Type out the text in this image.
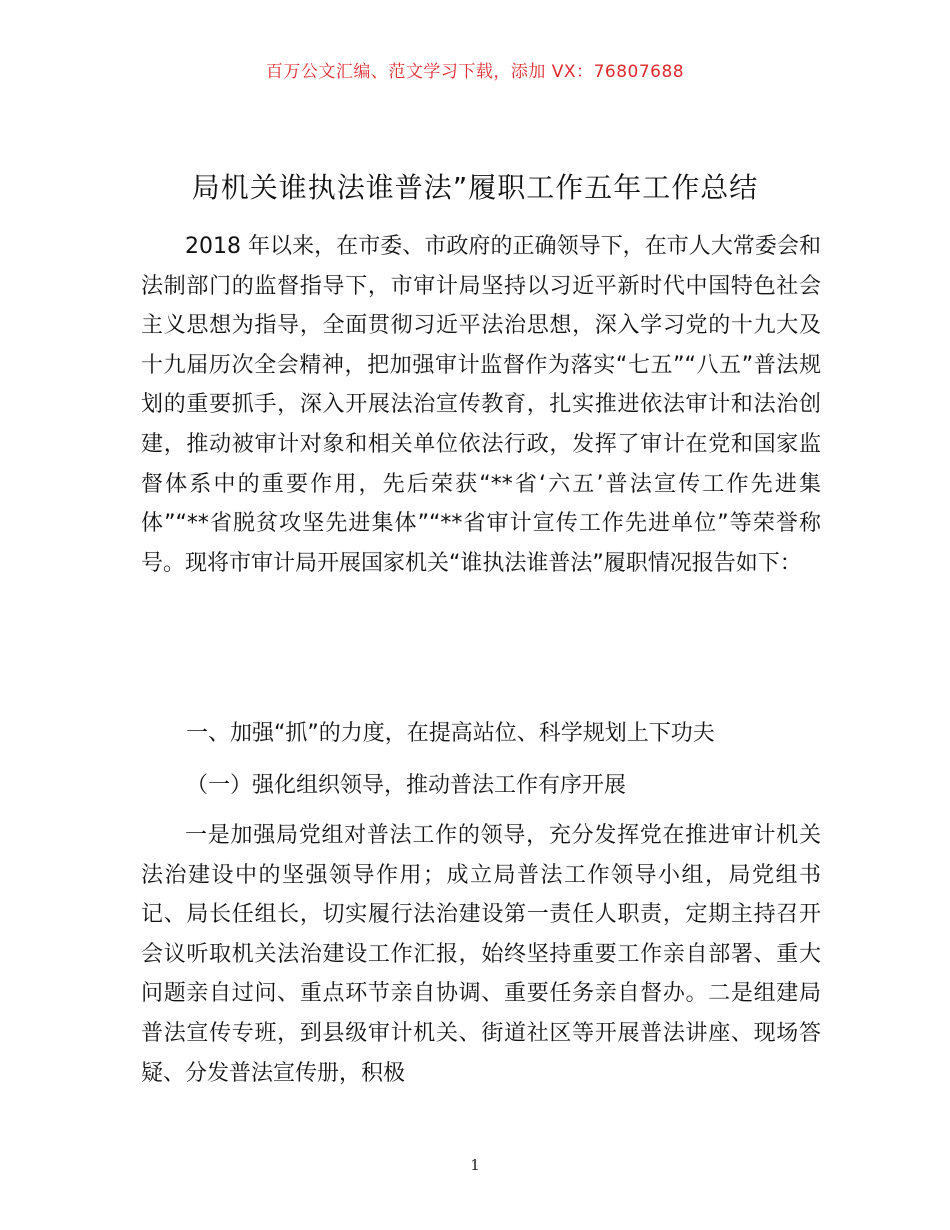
百万公文汇编、范文学习下载，添加 VX：76807688
局机关谁执法谁普法”履职工作五年工作总结
2018 年以来，在市委、市政府的正确领导下，在市人大常委会和法制部门的监督指导下，市审计局坚持以习近平新时代中国特色社会主义思想为指导，全面贯彻习近平法治思想，深入学习党的十九大及十九届历次全会精神，把加强审计监督作为落实“七五”“八五”普法规划的重要抓手，深入开展法治宣传教育，扎实推进依法审计和法治创建，推动被审计对象和相关单位依法行政，发挥了审计在党和国家监督体系中的重要作用，先后荣获“**省‘六五’普法宣传工作先进集体”“**省脱贫攻坚先进集体”“**省审计宣传工作先进单位”等荣誉称号。现将市审计局开展国家机关“谁执法谁普法”履职情况报告如下：
一、加强“抓”的力度，在提高站位、科学规划上下功夫
（一）强化组织领导，推动普法工作有序开展
一是加强局党组对普法工作的领导，充分发挥党在推进审计机关法治建设中的坚强领导作用；成立局普法工作领导小组，局党组书记、局长任组长，切实履行法治建设第一责任人职责，定期主持召开会议听取机关法治建设工作汇报，始终坚持重要工作亲自部署、重大问题亲自过问、重点环节亲自协调、重要任务亲自督办。二是组建局普法宣传专班，到县级审计机关、街道社区等开展普法讲座、现场答疑、分发普法宣传册，积极
1
